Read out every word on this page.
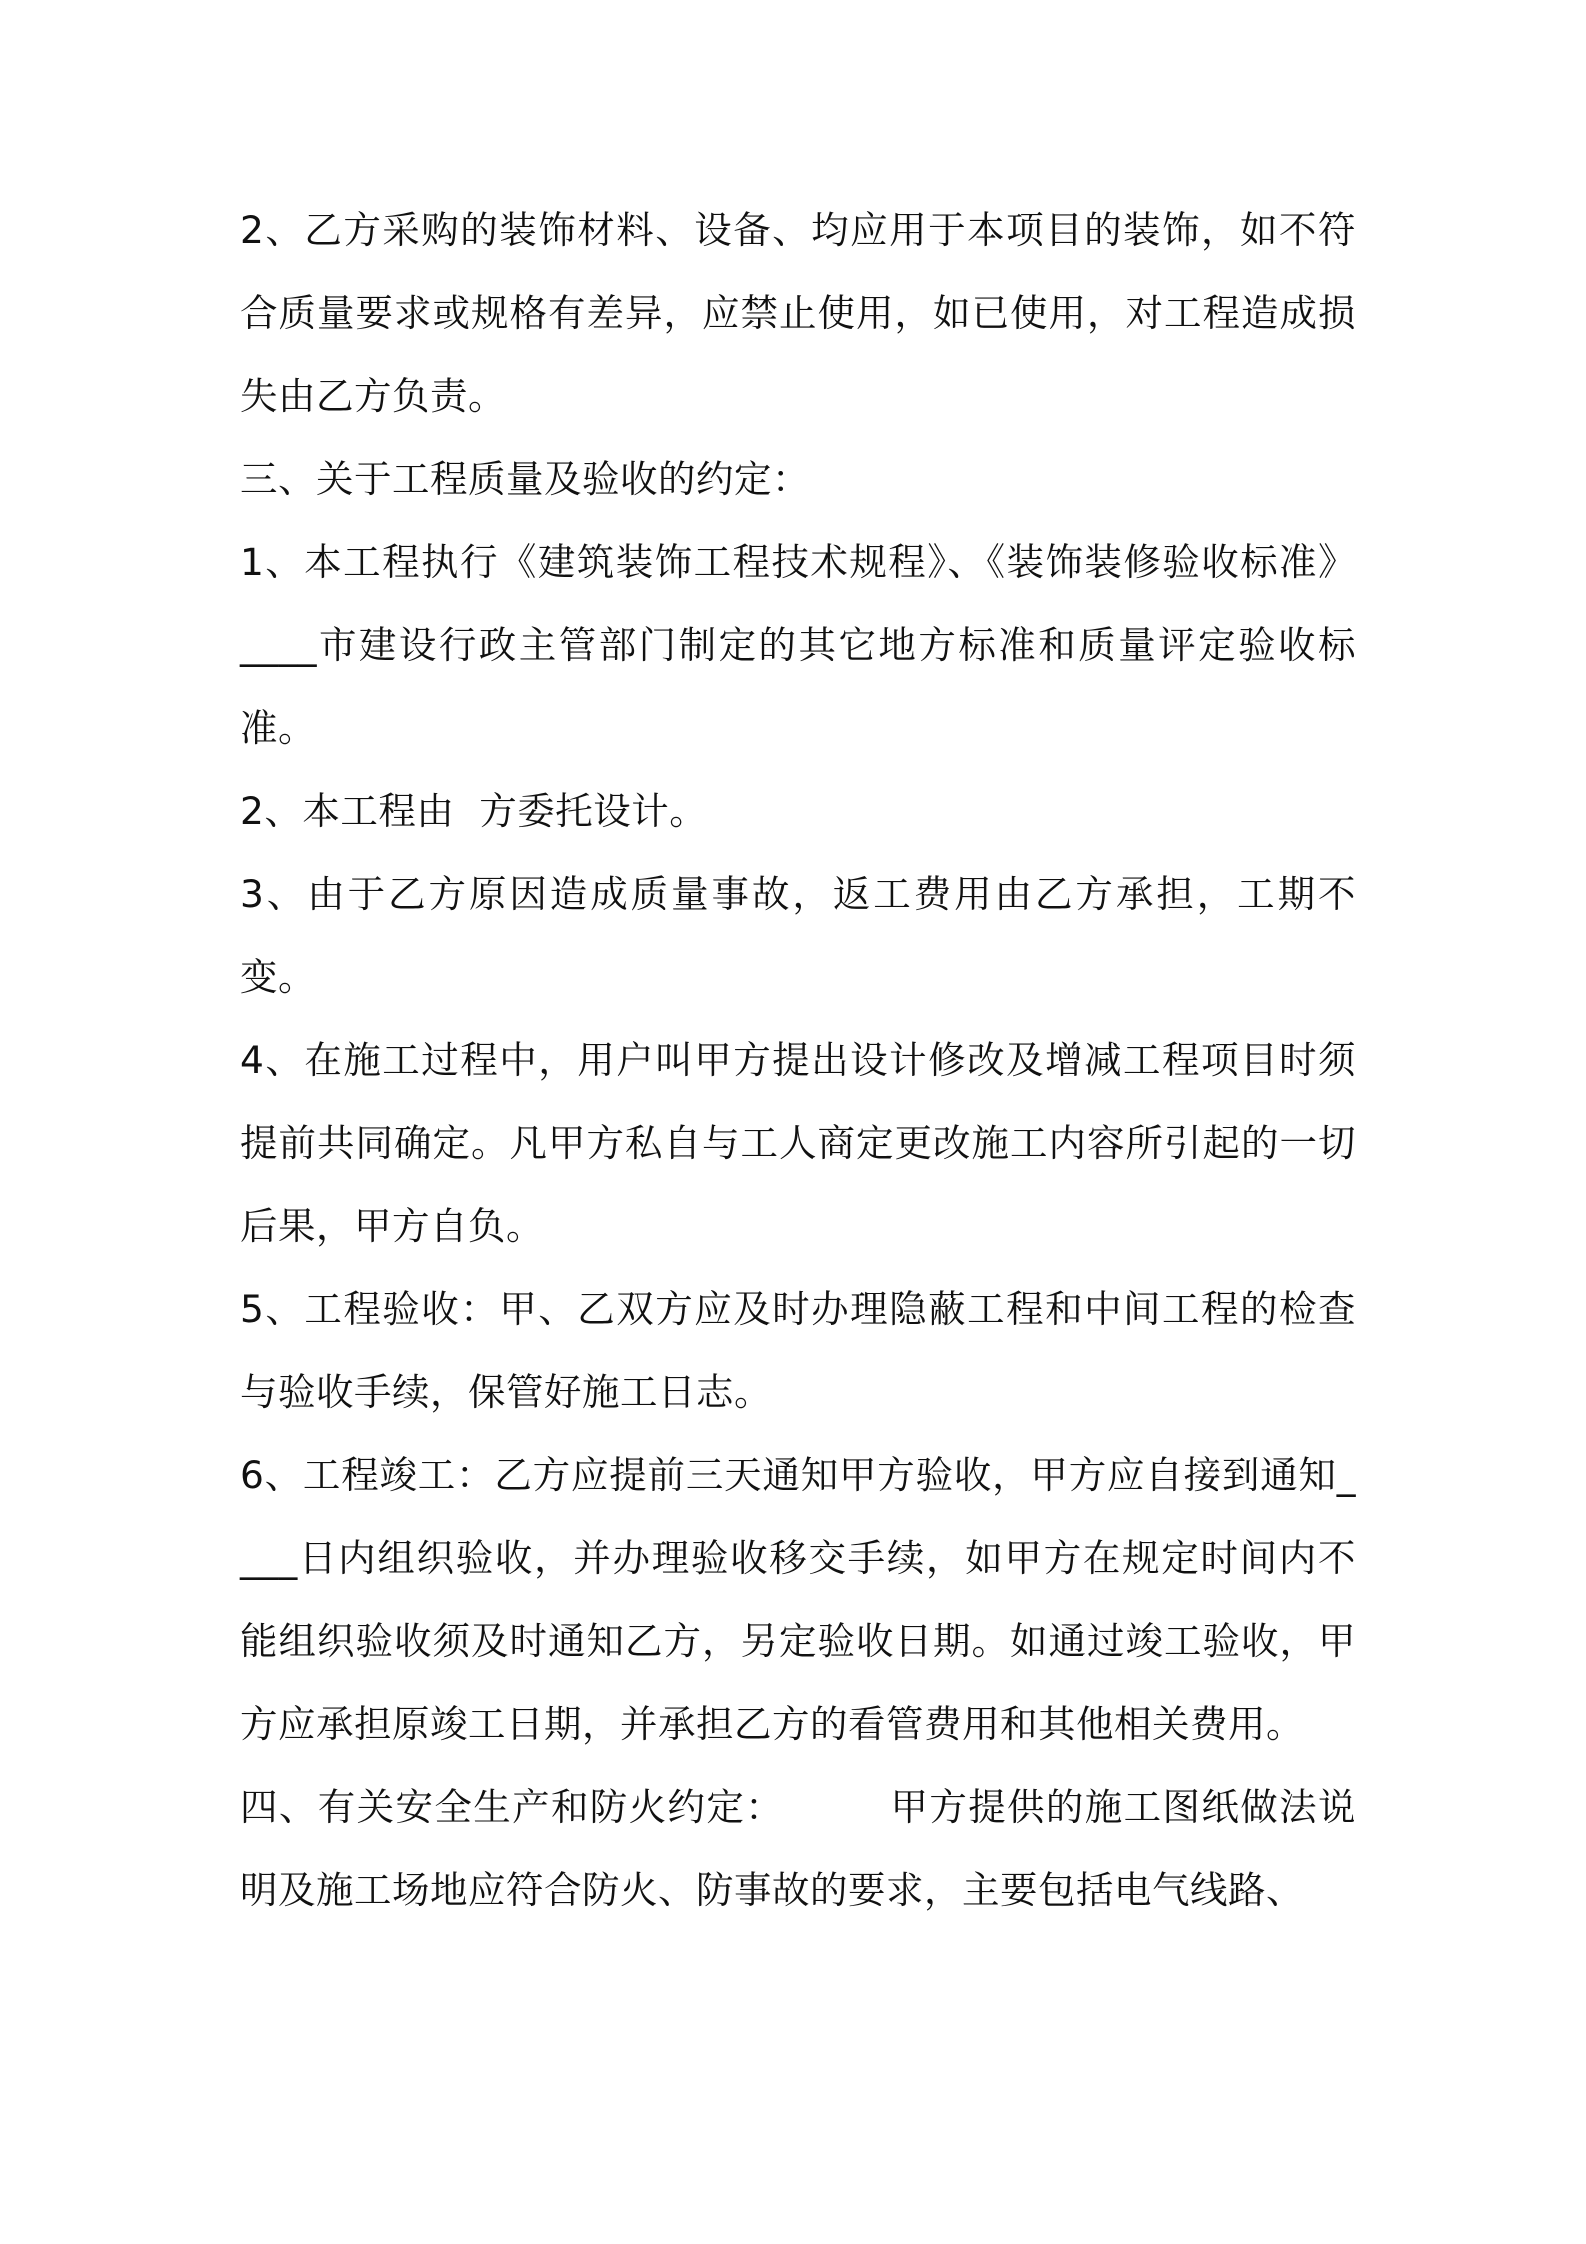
2、乙方采购的装饰材料、设备、均应用于本项目的装饰，如不符合质量要求或规格有差异，应禁止使用，如已使用，对工程造成损失由乙方负责。

三、关于工程质量及验收的约定：

1、本工程执行《建筑装饰工程技术规程》、《装饰装修验收标准》 ____市建设行政主管部门制定的其它地方标准和质量评定验收标准。

2、本工程由  方委托设计。

3、由于乙方原因造成质量事故，返工费用由乙方承担，工期不变。

4、在施工过程中，用户叫甲方提出设计修改及增减工程项目时须提前共同确定。凡甲方私自与工人商定更改施工内容所引起的一切后果，甲方自负。

5、工程验收：甲、乙双方应及时办理隐蔽工程和中间工程的检查与验收手续，保管好施工日志。

6、工程竣工：乙方应提前三天通知甲方验收，甲方应自接到通知____日内组织验收，并办理验收移交手续，如甲方在规定时间内不能组织验收须及时通知乙方，另定验收日期。如通过竣工验收，甲方应承担原竣工日期，并承担乙方的看管费用和其他相关费用。

四、有关安全生产和防火约定：        甲方提供的施工图纸做法说明及施工场地应符合防火、防事故的要求，主要包括电气线路、
